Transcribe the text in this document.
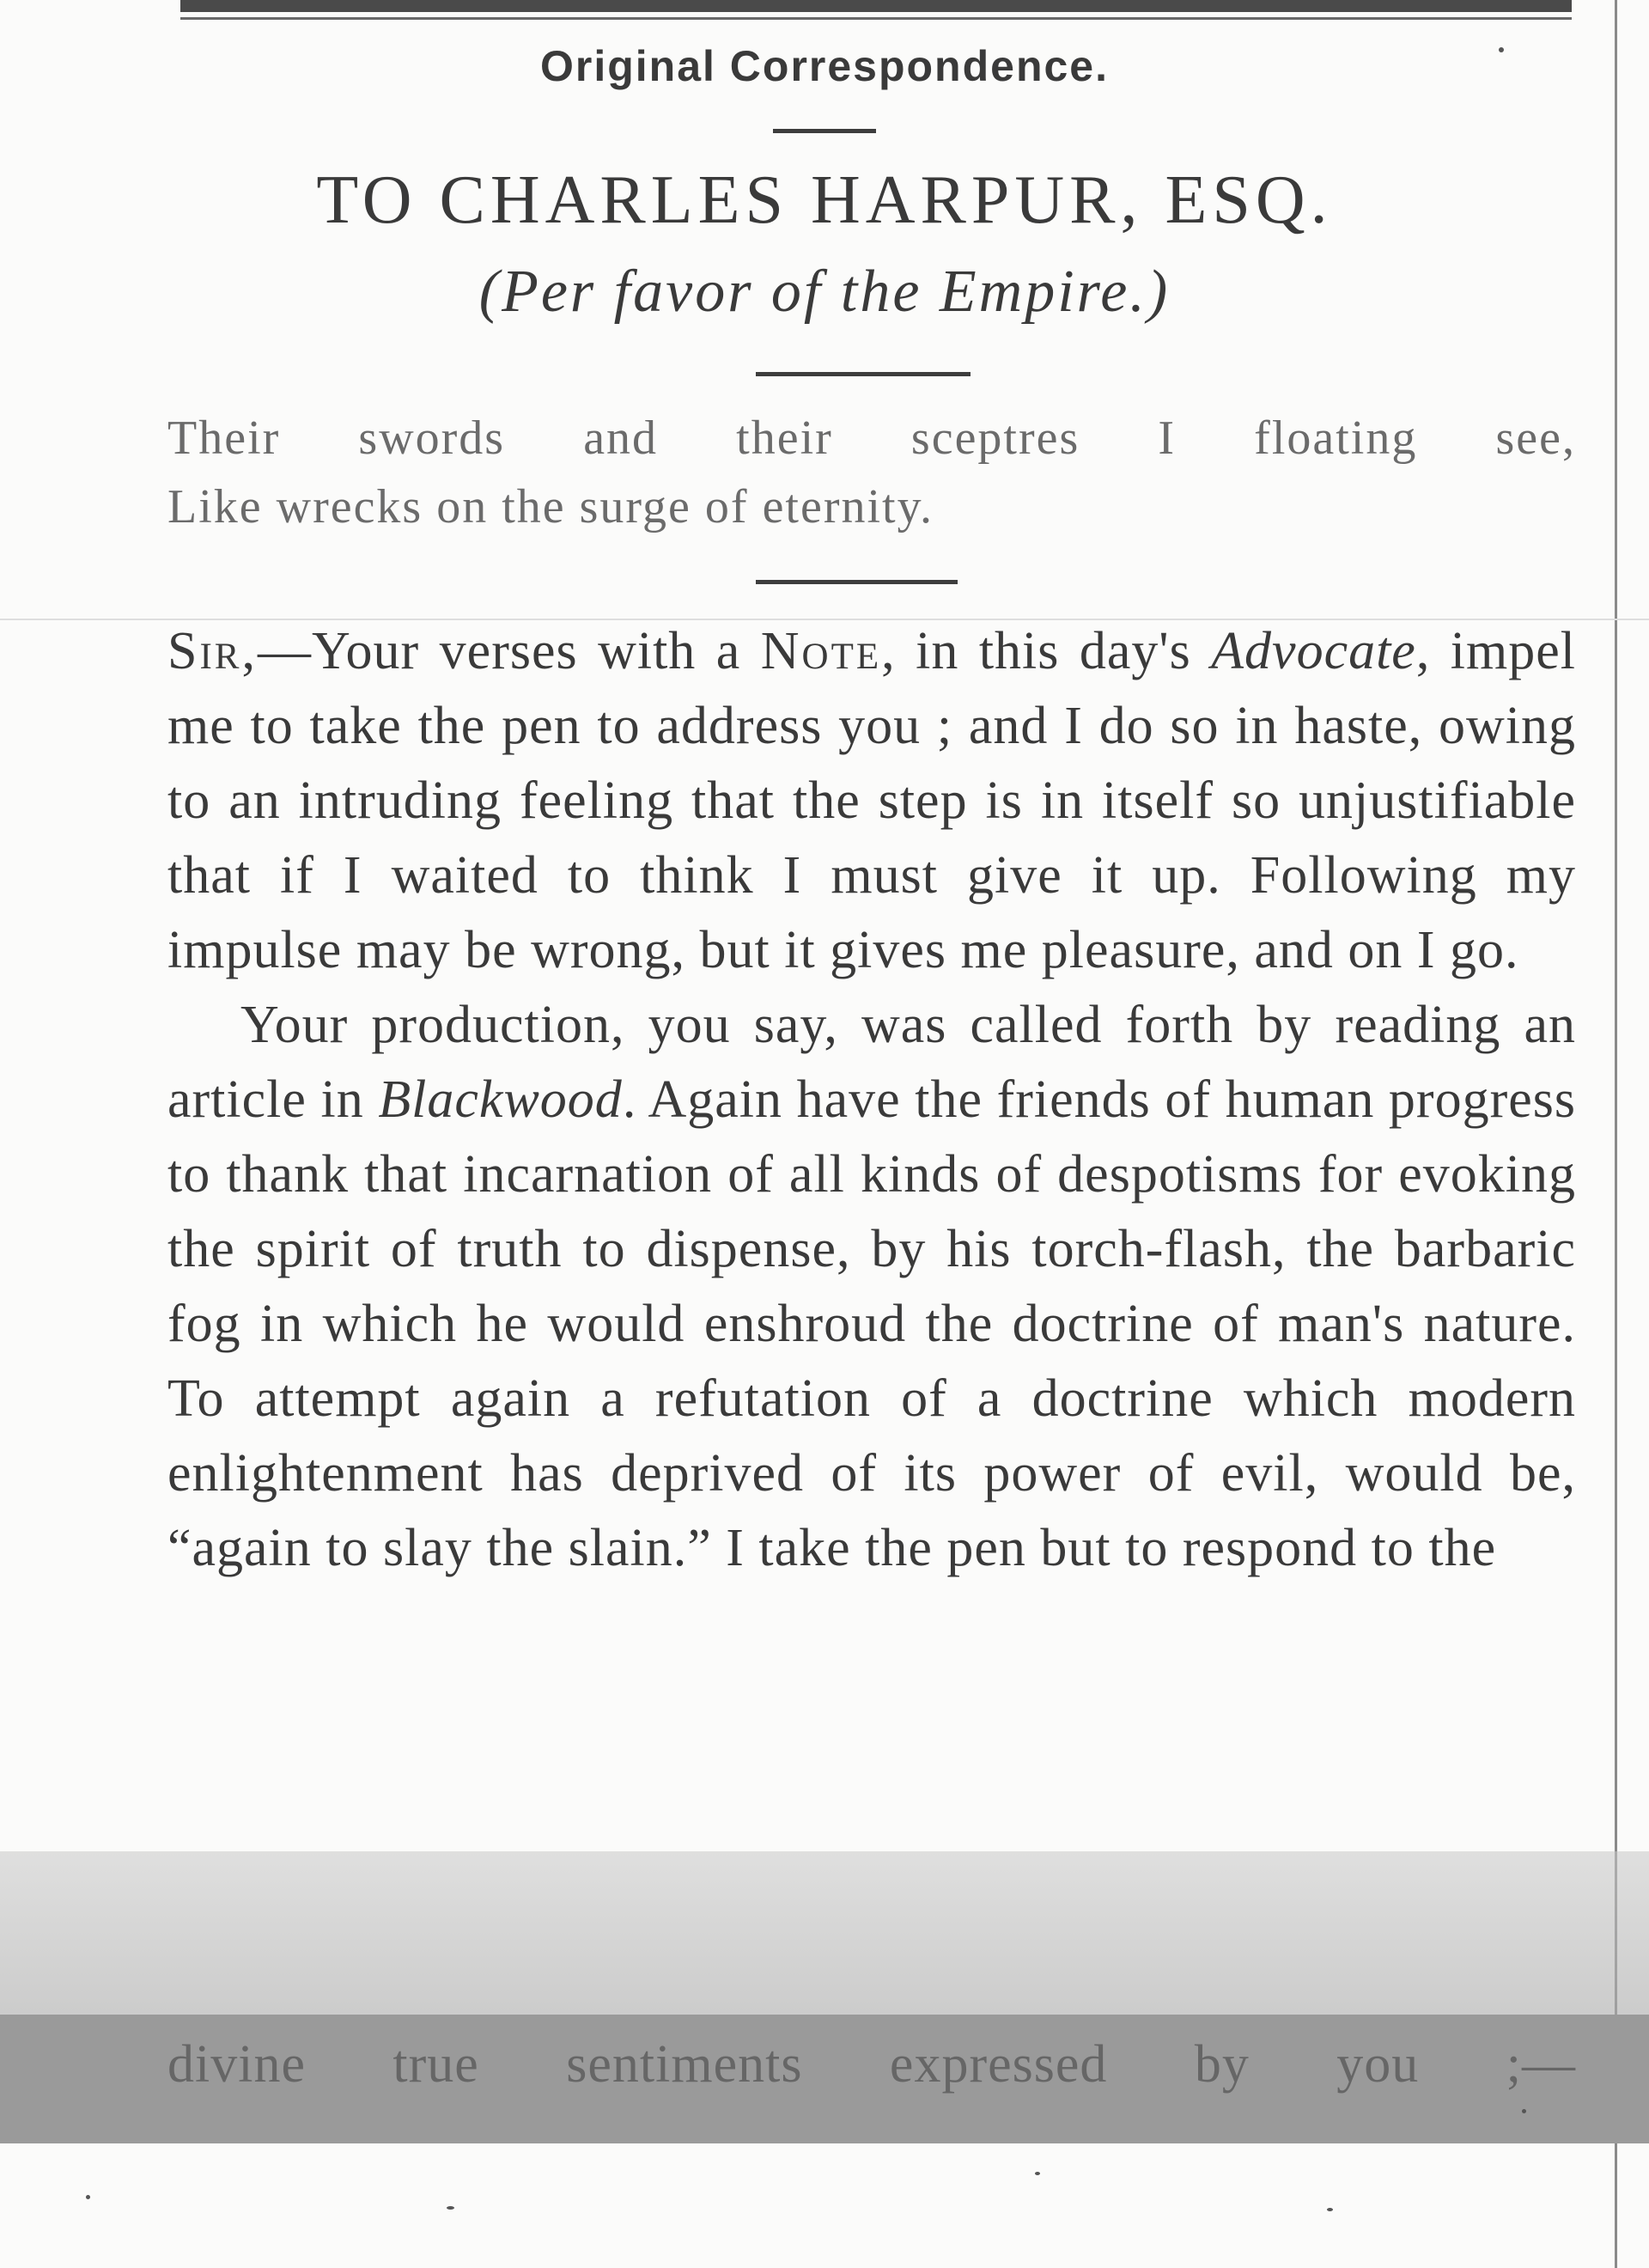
Original Correspondence.
TO CHARLES HARPUR, ESQ.
(Per favor of the Empire.)

Their swords and their sceptres I floating see,

Like wrecks on the surge of eternity.

Sir,—Your verses with a Note, in this day's Advocate, impel me to take the pen to address you ; and I do so in haste, owing to an intruding feeling that the step is in itself so unjustifiable that if I waited to think I must give it up. Following my impulse may be wrong, but it gives me pleasure, and on I go.

Your production, you say, was called forth by reading an article in Blackwood. Again have the friends of human progress to thank that incarnation of all kinds of despotisms for evoking the spirit of truth to dispense, by his torch-flash, the barbaric fog in which he would enshroud the doctrine of man's nature. To attempt again a refutation of a doctrine which modern enlightenment has deprived of its power of evil, would be, “again to slay the slain.” I take the pen but to respond to the

divine true sentiments expressed by you ;—
